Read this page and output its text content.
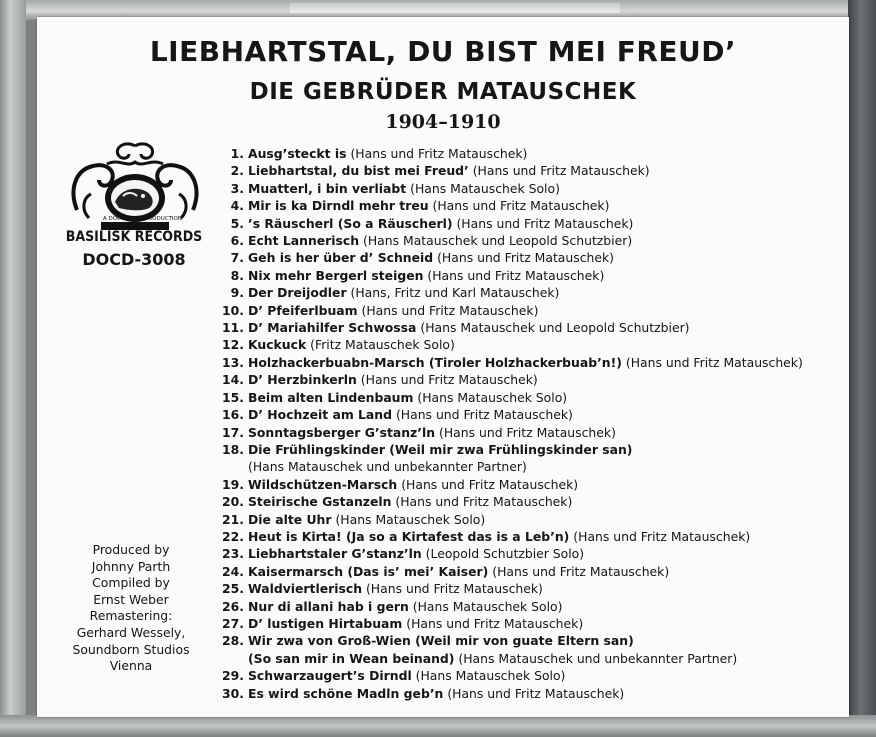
LIEBHARTSTAL, DU BIST MEI FREUD’
DIE GEBRÜDER MATAUSCHEK
1904–1910
A DOCUMENT PRODUCTION
BASILISK RECORDS
DOCD-3008
Produced by
Johnny Parth
Compiled by
Ernst Weber
Remastering:
Gerhard Wessely,
Soundborn Studios
Vienna
1. Ausg’steckt is (Hans und Fritz Matauschek)
2. Liebhartstal, du bist mei Freud’ (Hans und Fritz Matauschek)
3. Muatterl, i bin verliabt (Hans Matauschek Solo)
4. Mir is ka Dirndl mehr treu (Hans und Fritz Matauschek)
5. ’s Räuscherl (So a Räuscherl) (Hans und Fritz Matauschek)
6. Echt Lannerisch (Hans Matauschek und Leopold Schutzbier)
7. Geh is her über d’ Schneid (Hans und Fritz Matauschek)
8. Nix mehr Bergerl steigen (Hans und Fritz Matauschek)
9. Der Dreijodler (Hans, Fritz und Karl Matauschek)
10. D’ Pfeiferlbuam (Hans und Fritz Matauschek)
11. D’ Mariahilfer Schwossa (Hans Matauschek und Leopold Schutzbier)
12. Kuckuck (Fritz Matauschek Solo)
13. Holzhackerbuabn-Marsch (Tiroler Holzhackerbuab’n!) (Hans und Fritz Matauschek)
14. D’ Herzbinkerln (Hans und Fritz Matauschek)
15. Beim alten Lindenbaum (Hans Matauschek Solo)
16. D’ Hochzeit am Land (Hans und Fritz Matauschek)
17. Sonntagsberger G’stanz’ln (Hans und Fritz Matauschek)
18. Die Frühlingskinder (Weil mir zwa Frühlingskinder san)
(Hans Matauschek und unbekannter Partner)
19. Wildschützen-Marsch (Hans und Fritz Matauschek)
20. Steirische Gstanzeln (Hans und Fritz Matauschek)
21. Die alte Uhr (Hans Matauschek Solo)
22. Heut is Kirta! (Ja so a Kirtafest das is a Leb’n) (Hans und Fritz Matauschek)
23. Liebhartstaler G’stanz’ln (Leopold Schutzbier Solo)
24. Kaisermarsch (Das is’ mei’ Kaiser) (Hans und Fritz Matauschek)
25. Waldviertlerisch (Hans und Fritz Matauschek)
26. Nur di allani hab i gern (Hans Matauschek Solo)
27. D’ lustigen Hirtabuam (Hans und Fritz Matauschek)
28. Wir zwa von Groß-Wien (Weil mir von guate Eltern san)
(So san mir in Wean beinand) (Hans Matauschek und unbekannter Partner)
29. Schwarzaugert’s Dirndl (Hans Matauschek Solo)
30. Es wird schöne Madln geb’n (Hans und Fritz Matauschek)
